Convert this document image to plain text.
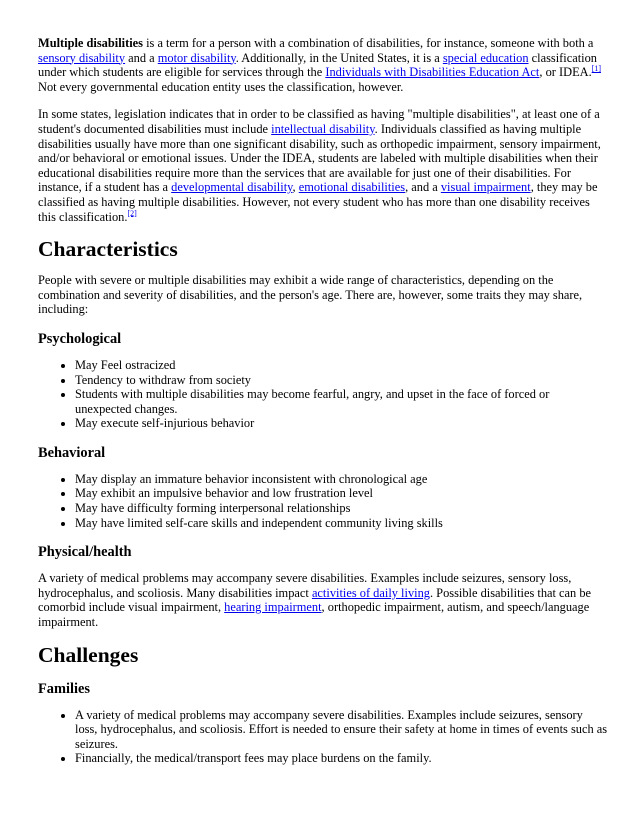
Multiple disabilities is a term for a person with a combination of disabilities, for instance, someone with both a sensory disability and a motor disability. Additionally, in the United States, it is a special education classification under which students are eligible for services through the Individuals with Disabilities Education Act, or IDEA.[1] Not every governmental education entity uses the classification, however.

In some states, legislation indicates that in order to be classified as having "multiple disabilities", at least one of a student's documented disabilities must include intellectual disability. Individuals classified as having multiple disabilities usually have more than one significant disability, such as orthopedic impairment, sensory impairment, and/or behavioral or emotional issues. Under the IDEA, students are labeled with multiple disabilities when their educational disabilities require more than the services that are available for just one of their disabilities. For instance, if a student has a developmental disability, emotional disabilities, and a visual impairment, they may be classified as having multiple disabilities. However, not every student who has more than one disability receives this classification.[2]

Characteristics

People with severe or multiple disabilities may exhibit a wide range of characteristics, depending on the combination and severity of disabilities, and the person's age. There are, however, some traits they may share, including:

Psychological
• May Feel ostracized
• Tendency to withdraw from society
• Students with multiple disabilities may become fearful, angry, and upset in the face of forced or unexpected changes.
• May execute self-injurious behavior
Behavioral
• May display an immature behavior inconsistent with chronological age
• May exhibit an impulsive behavior and low frustration level
• May have difficulty forming interpersonal relationships
• May have limited self-care skills and independent community living skills
Physical/health

A variety of medical problems may accompany severe disabilities. Examples include seizures, sensory loss, hydrocephalus, and scoliosis. Many disabilities impact activities of daily living. Possible disabilities that can be comorbid include visual impairment, hearing impairment, orthopedic impairment, autism, and speech/language impairment.

Challenges
Families
• A variety of medical problems may accompany severe disabilities. Examples include seizures, sensory loss, hydrocephalus, and scoliosis. Effort is needed to ensure their safety at home in times of events such as seizures.
• Financially, the medical/transport fees may place burdens on the family.
